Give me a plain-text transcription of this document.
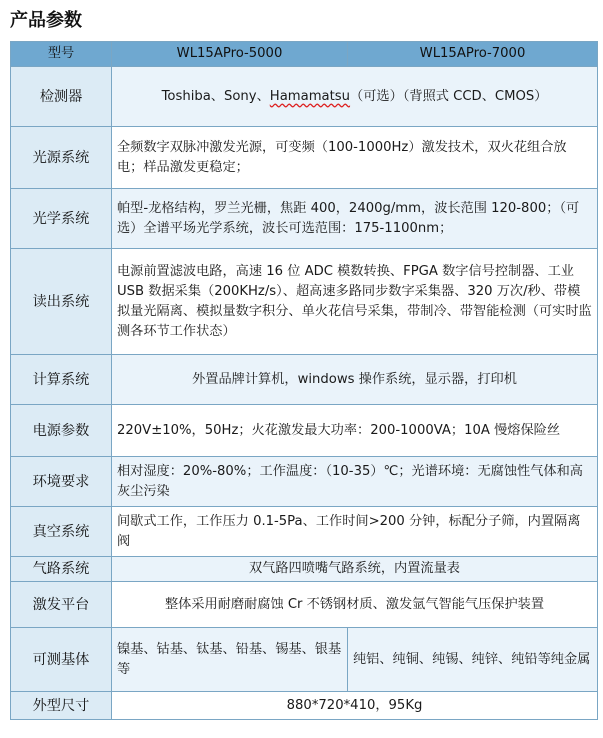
产品参数
型号	WL15APro-5000	WL15APro-7000
检测器	Toshiba、Sony、Hamamatsu（可选）（背照式 CCD、CMOS）	
光源系统	全频数字双脉冲激发光源，可变频（100-1000Hz）激发技术，双火花组合放电；样品激发更稳定；	
光学系统	帕型-龙格结构，罗兰光栅，焦距 400，2400g/mm，波长范围 120-800；（可选）全谱平场光学系统，波长可选范围：175-1100nm；	
读出系统	电源前置滤波电路，高速 16 位 ADC 模数转换、FPGA 数字信号控制器、工业 USB 数据采集（200KHz/s）、超高速多路同步数字采集器、320 万次/秒、带模拟量光隔离、模拟量数字积分、单火花信号采集，带制冷、带智能检测（可实时监测各环节工作状态）	
计算系统	外置品牌计算机，windows 操作系统，显示器，打印机	
电源参数	220V±10%，50Hz；火花激发最大功率：200-1000VA；10A 慢熔保险丝	
环境要求	相对湿度：20%-80%；工作温度：（10-35）℃；光谱环境：无腐蚀性气体和高灰尘污染	
真空系统	间歇式工作，工作压力 0.1-5Pa、工作时间>200 分钟，标配分子筛，内置隔离阀	
气路系统	双气路四喷嘴气路系统，内置流量表	
激发平台	整体采用耐磨耐腐蚀 Cr 不锈钢材质、激发氩气智能气压保护装置	
可测基体	镍基、钴基、钛基、铅基、锡基、银基等	纯铝、纯铜、纯锡、纯锌、纯铅等纯金属
外型尺寸	880*720*410，95Kg	
